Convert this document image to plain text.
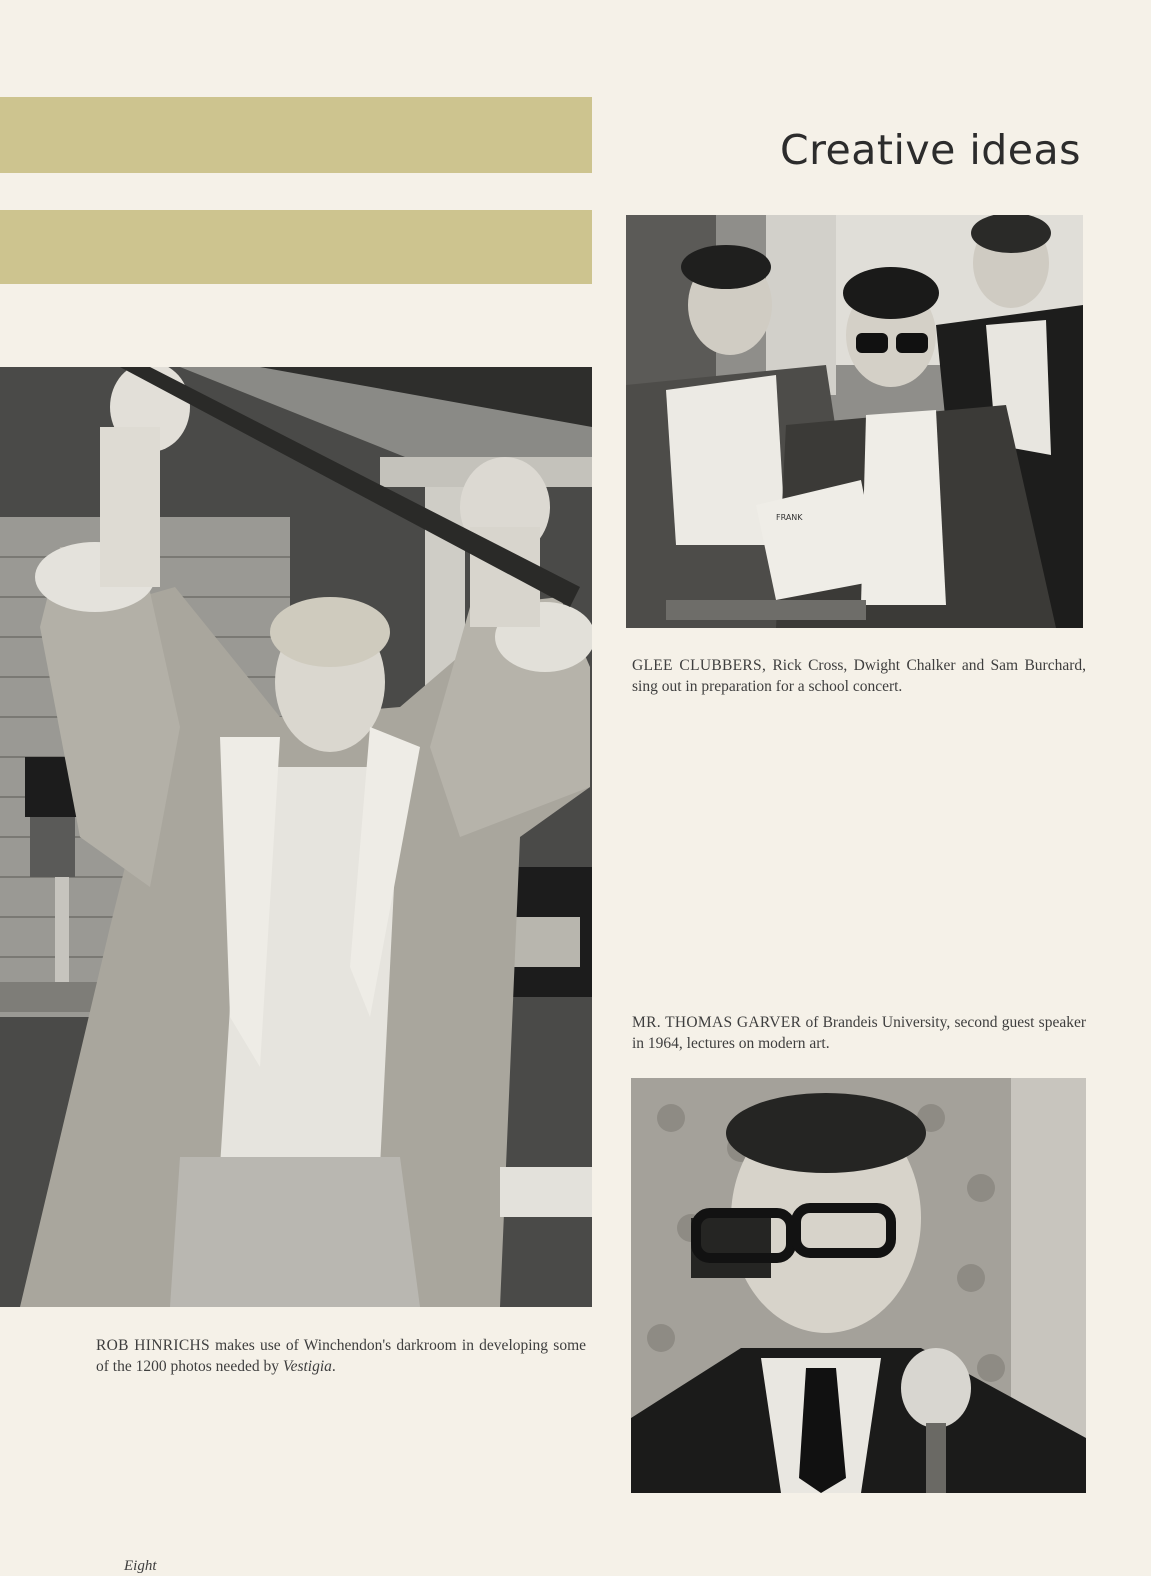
Creative ideas
FRANK
GLEE CLUBBERS, Rick Cross, Dwight Chalker and Sam Burchard, sing out in preparation for a school concert.
MR. THOMAS GARVER of Brandeis University, second guest speaker in 1964, lectures on modern art.
ROB HINRICHS makes use of Winchendon's darkroom in developing some of the 1200 photos needed by Vestigia.
Eight
